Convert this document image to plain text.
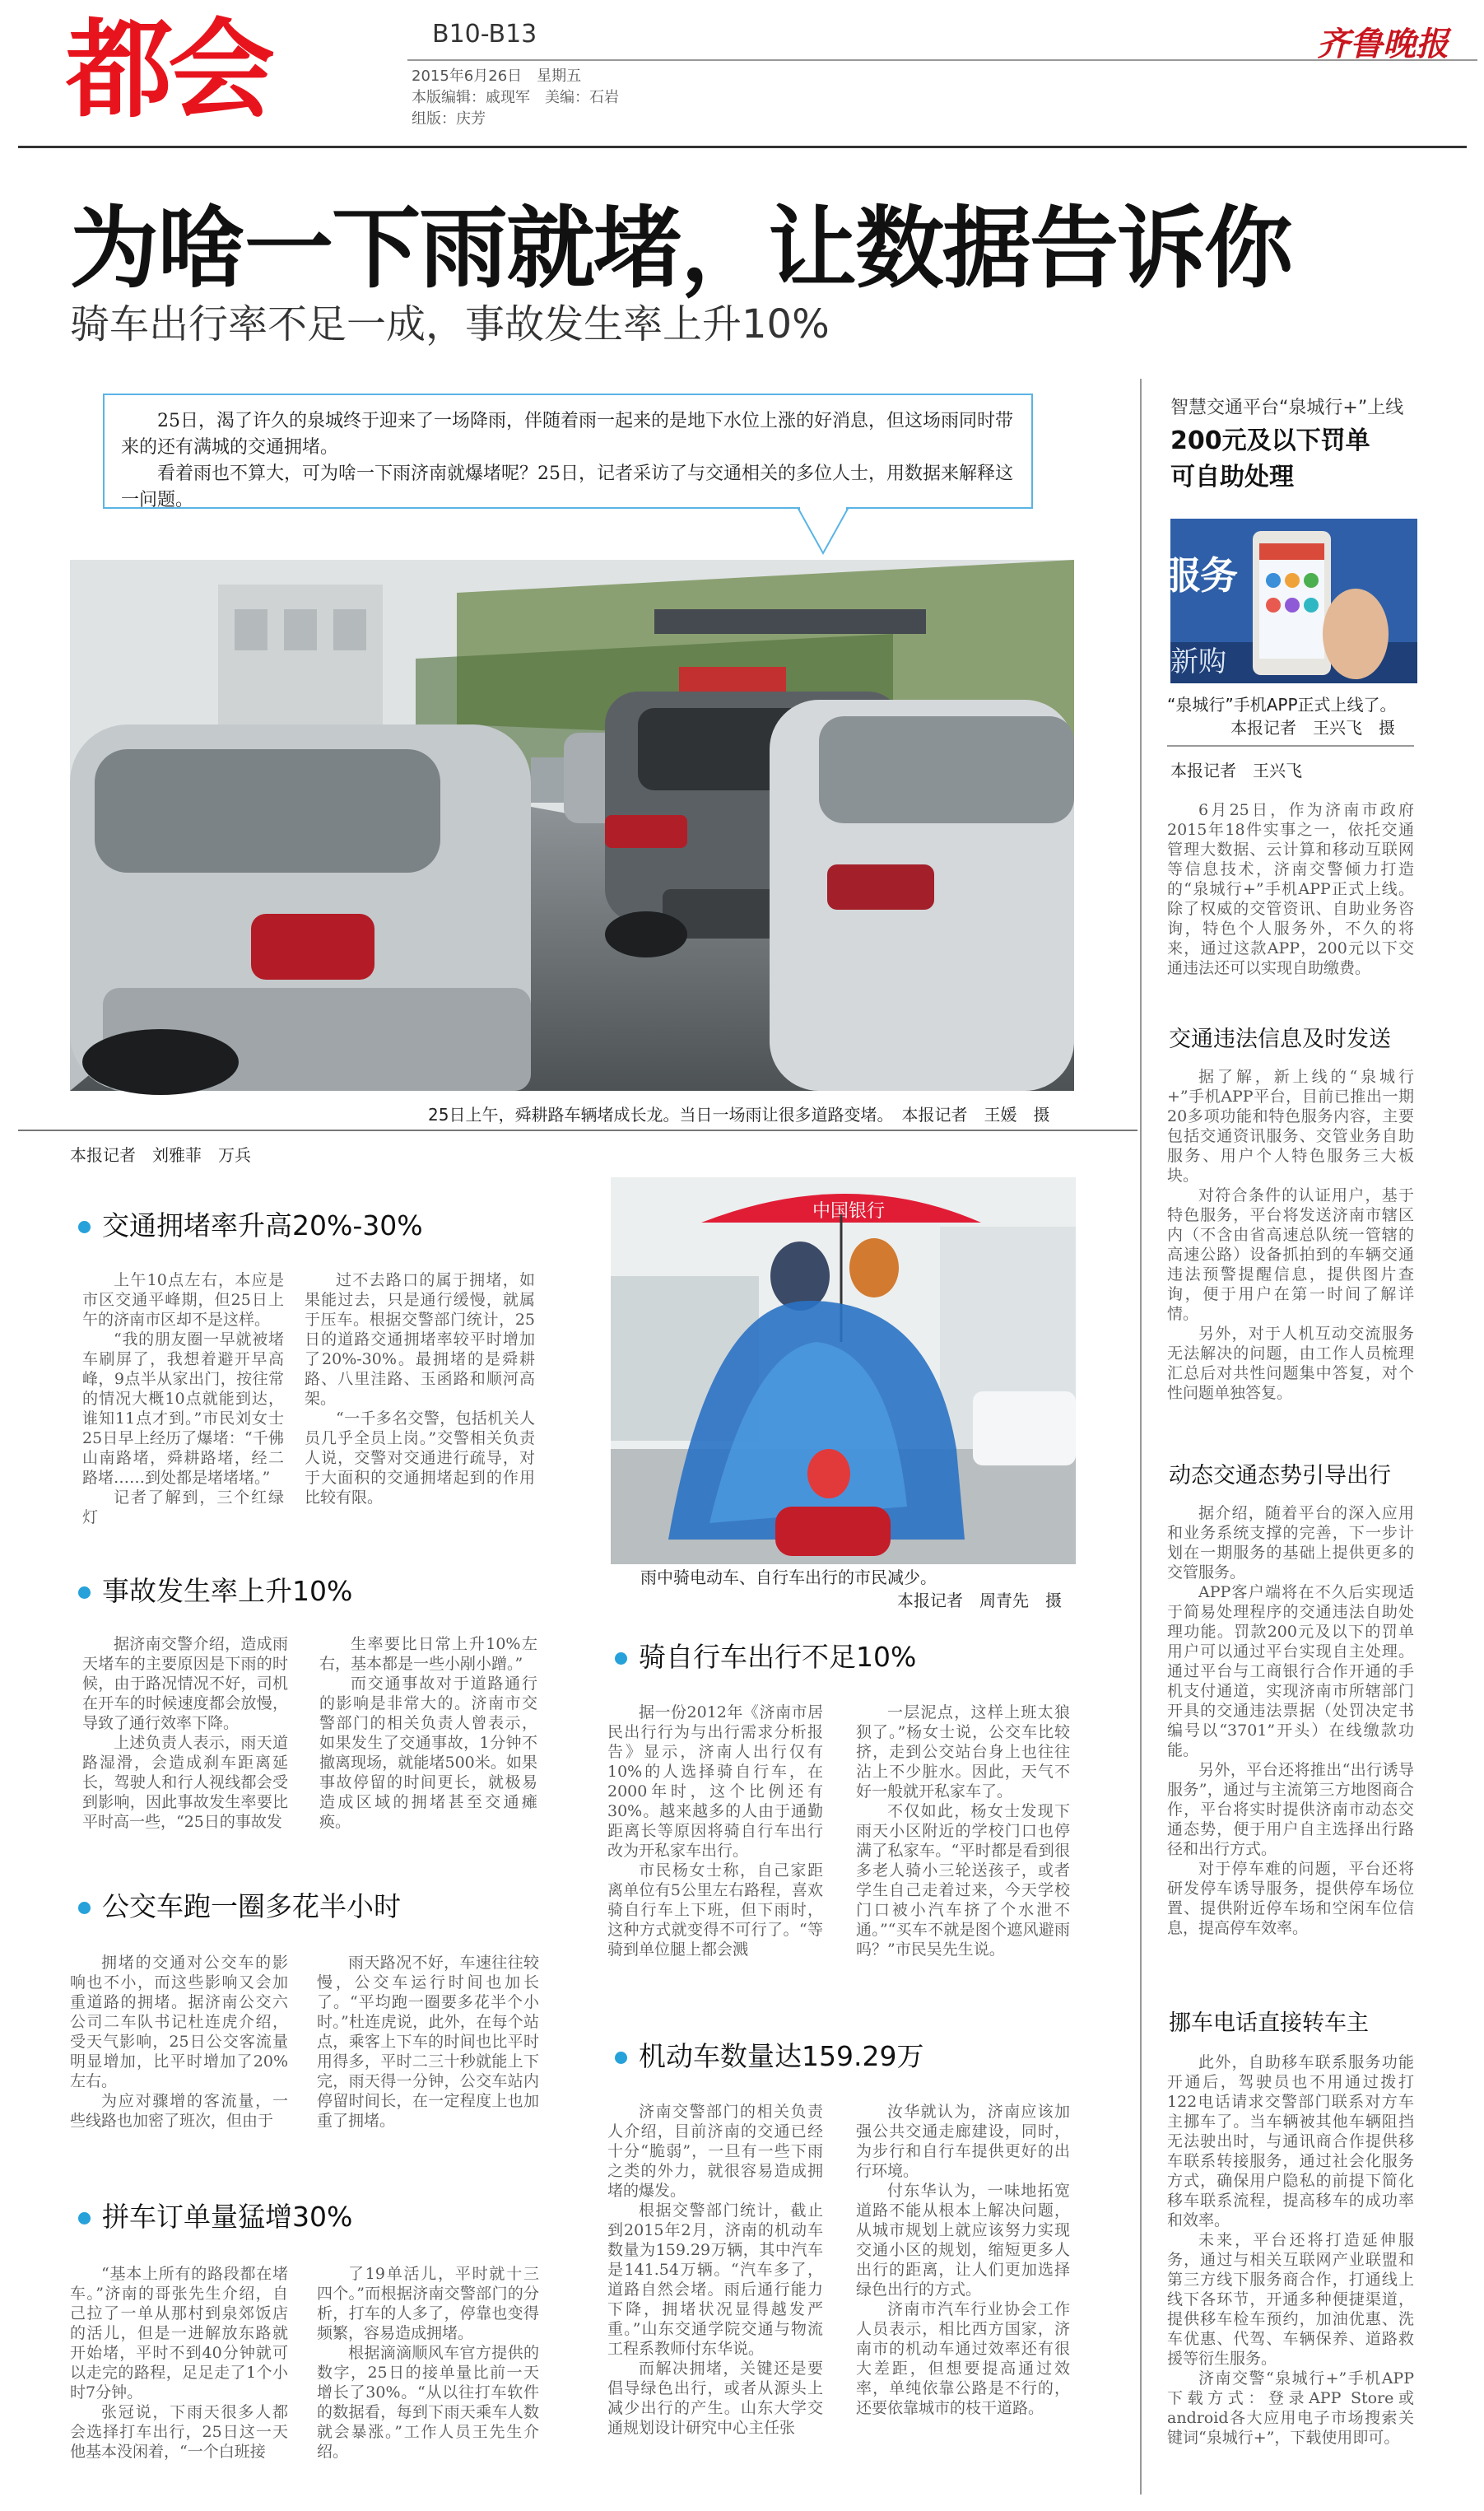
都会	B10-B13
2015年6月26日　星期五
本版编辑：戚现军　美编：石岩
组版：庆芳
齐鲁晚报
为啥一下雨就堵，让数据告诉你
骑车出行率不足一成，事故发生率上升10%

25日，渴了许久的泉城终于迎来了一场降雨，伴随着雨一起来的是地下水位上涨的好消息，但这场雨同时带来的还有满城的交通拥堵。

看着雨也不算大，可为啥一下雨济南就爆堵呢？25日，记者采访了与交通相关的多位人士，用数据来解释这一问题。

25日上午，舜耕路车辆堵成长龙。当日一场雨让很多道路变堵。　本报记者　王媛　摄
本报记者　刘雅菲　万兵
交通拥堵率升高20%-30%

上午10点左右，本应是市区交通平峰期，但25日上午的济南市区却不是这样。

“我的朋友圈一早就被堵车刷屏了，我想着避开早高峰，9点半从家出门，按往常的情况大概10点就能到达，谁知11点才到。”市民刘女士25日早上经历了爆堵：“千佛山南路堵，舜耕路堵，经二路堵……到处都是堵堵堵。”

记者了解到，三个红绿灯

过不去路口的属于拥堵，如果能过去，只是通行缓慢，就属于压车。根据交警部门统计，25日的道路交通拥堵率较平时增加了20%-30%。最拥堵的是舜耕路、八里洼路、玉函路和顺河高架。

“一千多名交警，包括机关人员几乎全员上岗。”交警相关负责人说，交警对交通进行疏导，对于大面积的交通拥堵起到的作用比较有限。

中国银行
雨中骑电动车、自行车出行的市民减少。
本报记者　周青先　摄
事故发生率上升10%

据济南交警介绍，造成雨天堵车的主要原因是下雨的时候，由于路况情况不好，司机在开车的时候速度都会放慢，导致了通行效率下降。

上述负责人表示，雨天道路湿滑，会造成刹车距离延长，驾驶人和行人视线都会受到影响，因此事故发生率要比平时高一些，“25日的事故发

生率要比日常上升10%左右，基本都是一些小剐小蹭。”

而交通事故对于道路通行的影响是非常大的。济南市交警部门的相关负责人曾表示，如果发生了交通事故，1分钟不撤离现场，就能堵500米。如果事故停留的时间更长，就极易造成区域的拥堵甚至交通瘫痪。

骑自行车出行不足10%

据一份2012年《济南市居民出行行为与出行需求分析报告》显示，济南人出行仅有10%的人选择骑自行车，在2000年时，这个比例还有30%。越来越多的人由于通勤距离长等原因将骑自行车出行改为开私家车出行。

市民杨女士称，自己家距离单位有5公里左右路程，喜欢骑自行车上下班，但下雨时，这种方式就变得不可行了。“等骑到单位腿上都会溅

一层泥点，这样上班太狼狈了。”杨女士说，公交车比较挤，走到公交站台身上也往往沾上不少脏水。因此，天气不好一般就开私家车了。

不仅如此，杨女士发现下雨天小区附近的学校门口也停满了私家车。“平时都是看到很多老人骑小三轮送孩子，或者学生自己走着过来，今天学校门口被小汽车挤了个水泄不通。”“买车不就是图个遮风避雨吗？”市民吴先生说。

公交车跑一圈多花半小时

拥堵的交通对公交车的影响也不小，而这些影响又会加重道路的拥堵。据济南公交六公司二车队书记杜连虎介绍，受天气影响，25日公交客流量明显增加，比平时增加了20%左右。

为应对骤增的客流量，一些线路也加密了班次，但由于

雨天路况不好，车速往往较慢，公交车运行时间也加长了。“平均跑一圈要多花半个小时。”杜连虎说，此外，在每个站点，乘客上下车的时间也比平时用得多，平时二三十秒就能上下完，雨天得一分钟，公交车站内停留时间长，在一定程度上也加重了拥堵。

机动车数量达159.29万

济南交警部门的相关负责人介绍，目前济南的交通已经十分“脆弱”，一旦有一些下雨之类的外力，就很容易造成拥堵的爆发。

根据交警部门统计，截止到2015年2月，济南的机动车数量为159.29万辆，其中汽车是141.54万辆。“汽车多了，道路自然会堵。雨后通行能力下降，拥堵状况显得越发严重。”山东交通学院交通与物流工程系教师付东华说。

而解决拥堵，关键还是要倡导绿色出行，或者从源头上减少出行的产生。山东大学交通规划设计研究中心主任张

汝华就认为，济南应该加强公共交通走廊建设，同时，为步行和自行车提供更好的出行环境。

付东华认为，一味地拓宽道路不能从根本上解决问题，从城市规划上就应该努力实现交通小区的规划，缩短更多人出行的距离，让人们更加选择绿色出行的方式。

济南市汽车行业协会工作人员表示，相比西方国家，济南市的机动车通过效率还有很大差距，但想要提高通过效率，单纯依靠公路是不行的，还要依靠城市的枝干道路。

拼车订单量猛增30%

“基本上所有的路段都在堵车。”济南的哥张先生介绍，自己拉了一单从那村到泉郊饭店的活儿，但是一进解放东路就开始堵，平时不到40分钟就可以走完的路程，足足走了1个小时7分钟。

张冠说，下雨天很多人都会选择打车出行，25日这一天他基本没闲着，“一个白班接

了19单活儿，平时就十三四个。”而根据济南交警部门的分析，打车的人多了，停靠也变得频繁，容易造成拥堵。

根据滴滴顺风车官方提供的数字，25日的接单量比前一天增长了30%。“从以往打车软件的数据看，每到下雨天乘车人数就会暴涨。”工作人员王先生介绍。

智慧交通平台“泉城行+”上线
200元及以下罚单
可自助处理
服务
新购
“泉城行”手机APP正式上线了。
本报记者　王兴飞　摄
本报记者　王兴飞

6月25日，作为济南市政府2015年18件实事之一，依托交通管理大数据、云计算和移动互联网等信息技术，济南交警倾力打造的“泉城行+”手机APP正式上线。除了权威的交管资讯、自助业务咨询，特色个人服务外，不久的将来，通过这款APP，200元以下交通违法还可以实现自助缴费。

交通违法信息及时发送

据了解，新上线的“泉城行+”手机APP平台，目前已推出一期20多项功能和特色服务内容，主要包括交通资讯服务、交管业务自助服务、用户个人特色服务三大板块。

对符合条件的认证用户，基于特色服务，平台将发送济南市辖区内（不含由省高速总队统一管辖的高速公路）设备抓拍到的车辆交通违法预警提醒信息，提供图片查询，便于用户在第一时间了解详情。

另外，对于人机互动交流服务无法解决的问题，由工作人员梳理汇总后对共性问题集中答复，对个性问题单独答复。

动态交通态势引导出行

据介绍，随着平台的深入应用和业务系统支撑的完善，下一步计划在一期服务的基础上提供更多的交管服务。

APP客户端将在不久后实现适于简易处理程序的交通违法自助处理功能。罚款200元及以下的罚单用户可以通过平台实现自主处理。通过平台与工商银行合作开通的手机支付通道，实现济南市所辖部门开具的交通违法票据（处罚决定书编号以“3701”开头）在线缴款功能。

另外，平台还将推出“出行诱导服务”，通过与主流第三方地图商合作，平台将实时提供济南市动态交通态势，便于用户自主选择出行路径和出行方式。

对于停车难的问题，平台还将研发停车诱导服务，提供停车场位置、提供附近停车场和空闲车位信息，提高停车效率。

挪车电话直接转车主

此外，自助移车联系服务功能开通后，驾驶员也不用通过拨打122电话请求交警部门联系对方车主挪车了。当车辆被其他车辆阻挡无法驶出时，与通讯商合作提供移车联系转接服务，通过社会化服务方式，确保用户隐私的前提下简化移车联系流程，提高移车的成功率和效率。

未来，平台还将打造延伸服务，通过与相关互联网产业联盟和第三方线下服务商合作，打通线上线下各环节，开通多种便捷渠道，提供移车检车预约，加油优惠、洗车优惠、代驾、车辆保养、道路救援等衍生服务。

济南交警“泉城行+”手机APP下载方式：登录APP Store或android各大应用电子市场搜索关键词“泉城行+”，下载使用即可。
